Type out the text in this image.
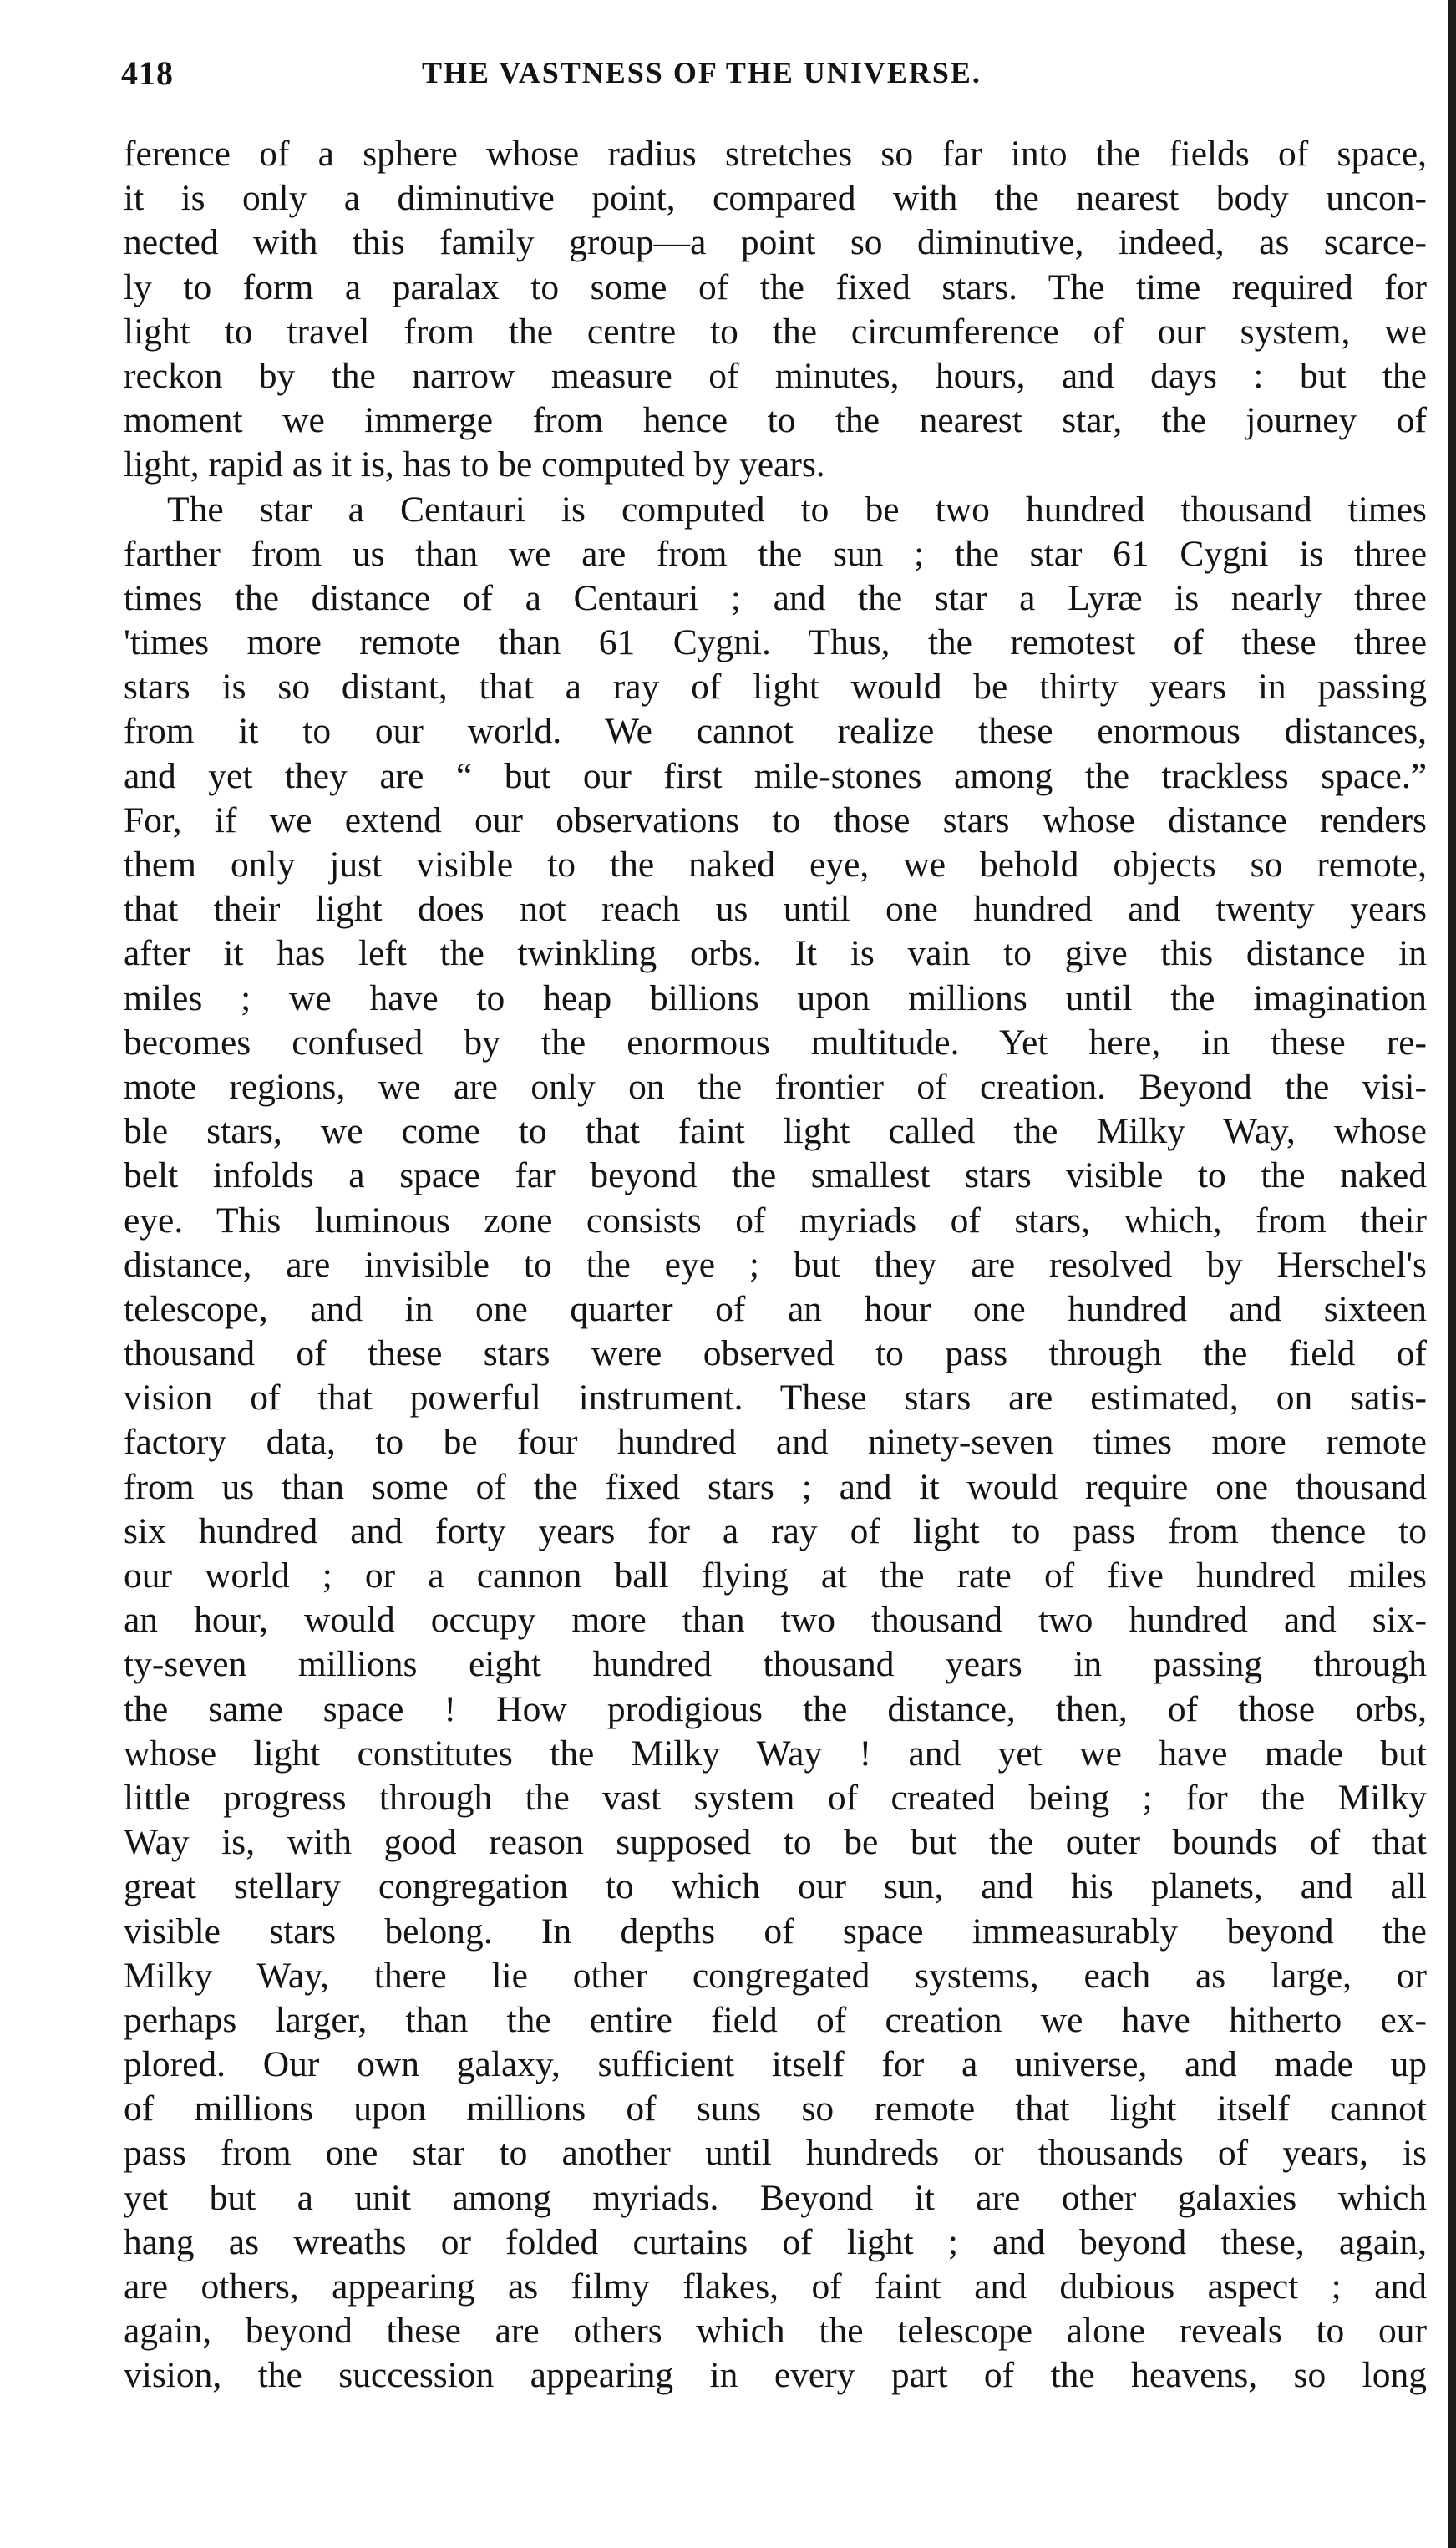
418	THE VASTNESS OF THE UNIVERSE.
ference of a sphere whose radius stretches so far into the fields of space,
it is only a diminutive point, compared with the nearest body uncon-
nected with this family group—a point so diminutive, indeed, as scarce-
ly to form a paralax to some of the fixed stars. The time required for
light to travel from the centre to the circumference of our system, we
reckon by the narrow measure of minutes, hours, and days : but the
moment we immerge from hence to the nearest star, the journey of
light, rapid as it is, has to be computed by years.
The star a Centauri is computed to be two hundred thousand times
farther from us than we are from the sun ; the star 61 Cygni is three
times the distance of a Centauri ; and the star a Lyræ is nearly three
'times more remote than 61 Cygni. Thus, the remotest of these three
stars is so distant, that a ray of light would be thirty years in passing
from it to our world. We cannot realize these enormous distances,
and yet they are “ but our first mile-stones among the trackless space.”
For, if we extend our observations to those stars whose distance renders
them only just visible to the naked eye, we behold objects so remote,
that their light does not reach us until one hundred and twenty years
after it has left the twinkling orbs. It is vain to give this distance in
miles ; we have to heap billions upon millions until the imagination
becomes confused by the enormous multitude. Yet here, in these re-
mote regions, we are only on the frontier of creation. Beyond the visi-
ble stars, we come to that faint light called the Milky Way, whose
belt infolds a space far beyond the smallest stars visible to the naked
eye. This luminous zone consists of myriads of stars, which, from their
distance, are invisible to the eye ; but they are resolved by Herschel's
telescope, and in one quarter of an hour one hundred and sixteen
thousand of these stars were observed to pass through the field of
vision of that powerful instrument. These stars are estimated, on satis-
factory data, to be four hundred and ninety-seven times more remote
from us than some of the fixed stars ; and it would require one thousand
six hundred and forty years for a ray of light to pass from thence to
our world ; or a cannon ball flying at the rate of five hundred miles
an hour, would occupy more than two thousand two hundred and six-
ty-seven millions eight hundred thousand years in passing through
the same space ! How prodigious the distance, then, of those orbs,
whose light constitutes the Milky Way ! and yet we have made but
little progress through the vast system of created being ; for the Milky
Way is, with good reason supposed to be but the outer bounds of that
great stellary congregation to which our sun, and his planets, and all
visible stars belong. In depths of space immeasurably beyond the
Milky Way, there lie other congregated systems, each as large, or
perhaps larger, than the entire field of creation we have hitherto ex-
plored. Our own galaxy, sufficient itself for a universe, and made up
of millions upon millions of suns so remote that light itself cannot
pass from one star to another until hundreds or thousands of years, is
yet but a unit among myriads. Beyond it are other galaxies which
hang as wreaths or folded curtains of light ; and beyond these, again,
are others, appearing as filmy flakes, of faint and dubious aspect ; and
again, beyond these are others which the telescope alone reveals to our
vision, the succession appearing in every part of the heavens, so long
